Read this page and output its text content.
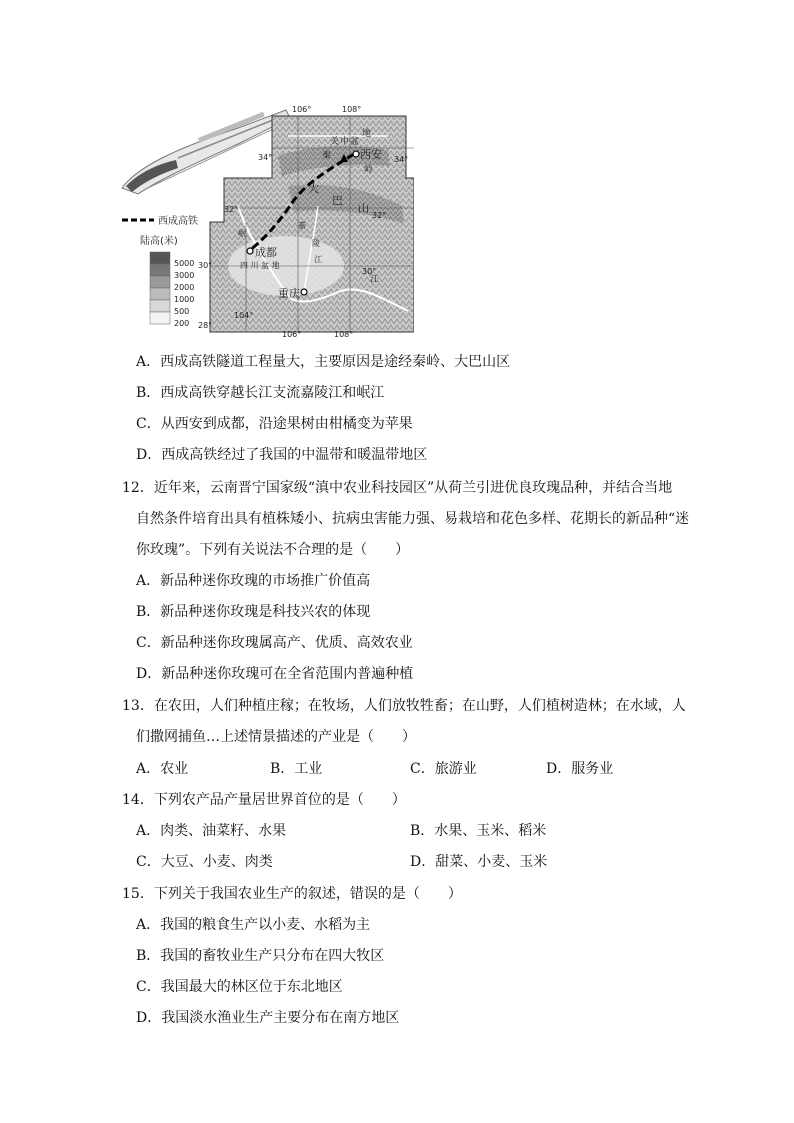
106°	108°
104°
106°	108°
34°
32°
30°
28°
34°
32°
30°
西安
成都
重庆
关 中 盆
地
秦
岭
大
巴
山
四 川 盆 地
岷
嘉
陵
江
江
西成高铁
陆高(米)
5000
3000
2000
1000
500
200
A．西成高铁隧道工程量大，主要原因是途经秦岭、大巴山区
B．西成高铁穿越长江支流嘉陵江和岷江
C．从西安到成都，沿途果树由柑橘变为苹果
D．西成高铁经过了我国的中温带和暖温带地区
12．近年来，云南晋宁国家级“滇中农业科技园区”从荷兰引进优良玫瑰品种，并结合当地
自然条件培育出具有植株矮小、抗病虫害能力强、易栽培和花色多样、花期长的新品种“迷
你玫瑰”。下列有关说法不合理的是（　　）
A．新品种迷你玫瑰的市场推广价值高
B．新品种迷你玫瑰是科技兴农的体现
C．新品种迷你玫瑰属高产、优质、高效农业
D．新品种迷你玫瑰可在全省范围内普遍种植
13．在农田，人们种植庄稼；在牧场，人们放牧牲畜；在山野，人们植树造林；在水域，人
们撒网捕鱼…上述情景描述的产业是（　　）
A．农业	B．工业	C．旅游业	D．服务业
14．下列农产品产量居世界首位的是（　　）
A．肉类、油菜籽、水果	B．水果、玉米、稻米
C．大豆、小麦、肉类	D．甜菜、小麦、玉米
15．下列关于我国农业生产的叙述，错误的是（　　）
A．我国的粮食生产以小麦、水稻为主
B．我国的畜牧业生产只分布在四大牧区
C．我国最大的林区位于东北地区
D．我国淡水渔业生产主要分布在南方地区
